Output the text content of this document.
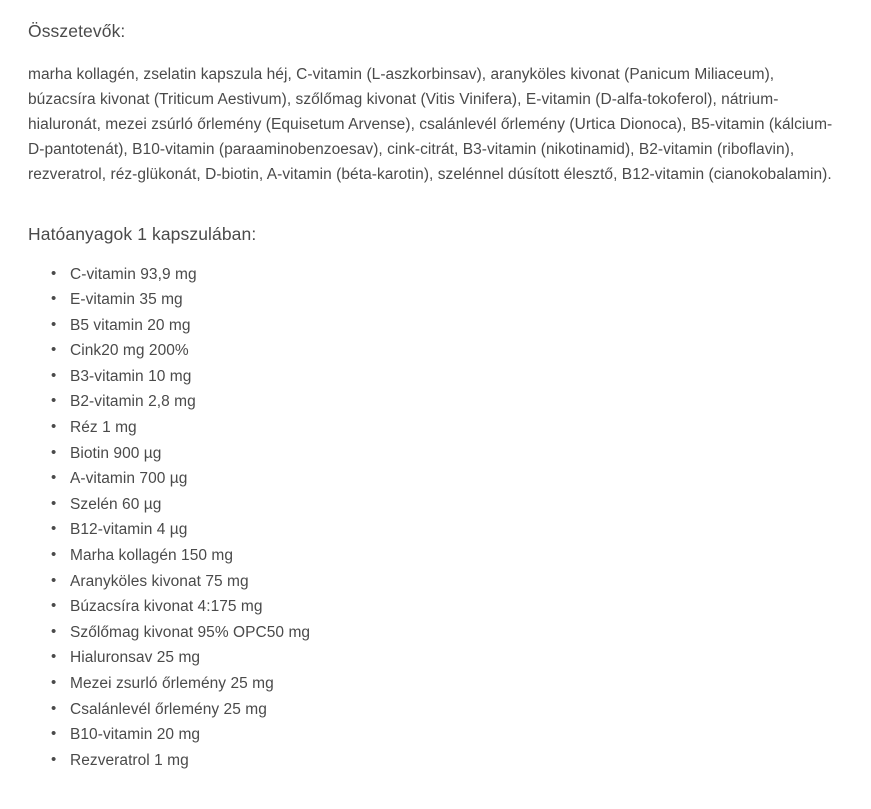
Összetevők:

marha kollagén, zselatin kapszula héj, C-vitamin (L-aszkorbinsav), aranyköles kivonat (Panicum Miliaceum), búzacsíra kivonat (Triticum Aestivum), szőlőmag kivonat (Vitis Vinifera), E-vitamin (D-alfa-tokoferol), nátrium-hialuronát, mezei zsúrló őrlemény (Equisetum Arvense), csalánlevél őrlemény (Urtica Dionoca), B5-vitamin (kálcium-D-pantotenát), B10-vitamin (paraaminobenzoesav), cink-citrát, B3-vitamin (nikotinamid), B2-vitamin (riboflavin), rezveratrol, réz-glükonát, D-biotin, A-vitamin (béta-karotin), szelénnel dúsított élesztő, B12-vitamin (cianokobalamin).

Hatóanyagok 1 kapszulában:
• C-vitamin 93,9 mg
• E-vitamin 35 mg
• B5 vitamin 20 mg
• Cink20 mg 200%
• B3-vitamin 10 mg
• B2-vitamin 2,8 mg
• Réz 1 mg
• Biotin 900 µg
• A-vitamin 700 µg
• Szelén 60 µg
• B12-vitamin 4 µg
• Marha kollagén 150 mg
• Aranyköles kivonat 75 mg
• Búzacsíra kivonat 4:175 mg
• Szőlőmag kivonat 95% OPC50 mg
• Hialuronsav 25 mg
• Mezei zsurló őrlemény 25 mg
• Csalánlevél őrlemény 25 mg
• B10-vitamin 20 mg
• Rezveratrol 1 mg
